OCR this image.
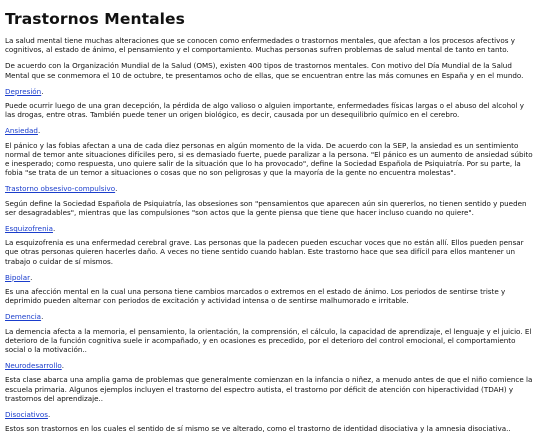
Trastornos Mentales

La salud mental tiene muchas alteraciones que se conocen como enfermedades o trastornos mentales, que afectan a los procesos afectivos y cognitivos, al estado de ánimo, el pensamiento y el comportamiento. Muchas personas sufren problemas de salud mental de tanto en tanto.

De acuerdo con la Organización Mundial de la Salud (OMS), existen 400 tipos de trastornos mentales. Con motivo del Día Mundial de la Salud Mental que se conmemora el 10 de octubre, te presentamos ocho de ellas, que se encuentran entre las más comunes en España y en el mundo.

Depresión.

Puede ocurrir luego de una gran decepción, la pérdida de algo valioso o alguien importante, enfermedades físicas largas o el abuso del alcohol y las drogas, entre otras. También puede tener un origen biológico, es decir, causada por un desequilibrio químico en el cerebro.

Ansiedad.

El pánico y las fobias afectan a una de cada diez personas en algún momento de la vida. De acuerdo con la SEP, la ansiedad es un sentimiento normal de temor ante situaciones difíciles pero, si es demasiado fuerte, puede paralizar a la persona. "El pánico es un aumento de ansiedad súbito e inesperado; como respuesta, uno quiere salir de la situación que lo ha provocado", define la Sociedad Española de Psiquiatría. Por su parte, la fobia "se trata de un temor a situaciones o cosas que no son peligrosas y que la mayoría de la gente no encuentra molestas".

Trastorno obsesivo-compulsivo.

Según define la Sociedad Española de Psiquiatría, las obsesiones son "pensamientos que aparecen aún sin quererlos, no tienen sentido y pueden ser desagradables", mientras que las compulsiones "son actos que la gente piensa que tiene que hacer incluso cuando no quiere".

Esquizofrenia.

La esquizofrenia es una enfermedad cerebral grave. Las personas que la padecen pueden escuchar voces que no están allí. Ellos pueden pensar que otras personas quieren hacerles daño. A veces no tiene sentido cuando hablan. Este trastorno hace que sea difícil para ellos mantener un trabajo o cuidar de sí mismos.

Bipolar.

Es una afección mental en la cual una persona tiene cambios marcados o extremos en el estado de ánimo. Los periodos de sentirse triste y deprimido pueden alternar con periodos de excitación y actividad intensa o de sentirse malhumorado e irritable.

Demencia.

La demencia afecta a la memoria, el pensamiento, la orientación, la comprensión, el cálculo, la capacidad de aprendizaje, el lenguaje y el juicio. El deterioro de la función cognitiva suele ir acompañado, y en ocasiones es precedido, por el deterioro del control emocional, el comportamiento social o la motivación..

Neurodesarrollo.

Esta clase abarca una amplia gama de problemas que generalmente comienzan en la infancia o niñez, a menudo antes de que el niño comience la escuela primaria. Algunos ejemplos incluyen el trastorno del espectro autista, el trastorno por déficit de atención con hiperactividad (TDAH) y trastornos del aprendizaje..

Disociativos.

Estos son trastornos en los cuales el sentido de sí mismo se ve alterado, como el trastorno de identidad disociativa y la amnesia disociativa..
